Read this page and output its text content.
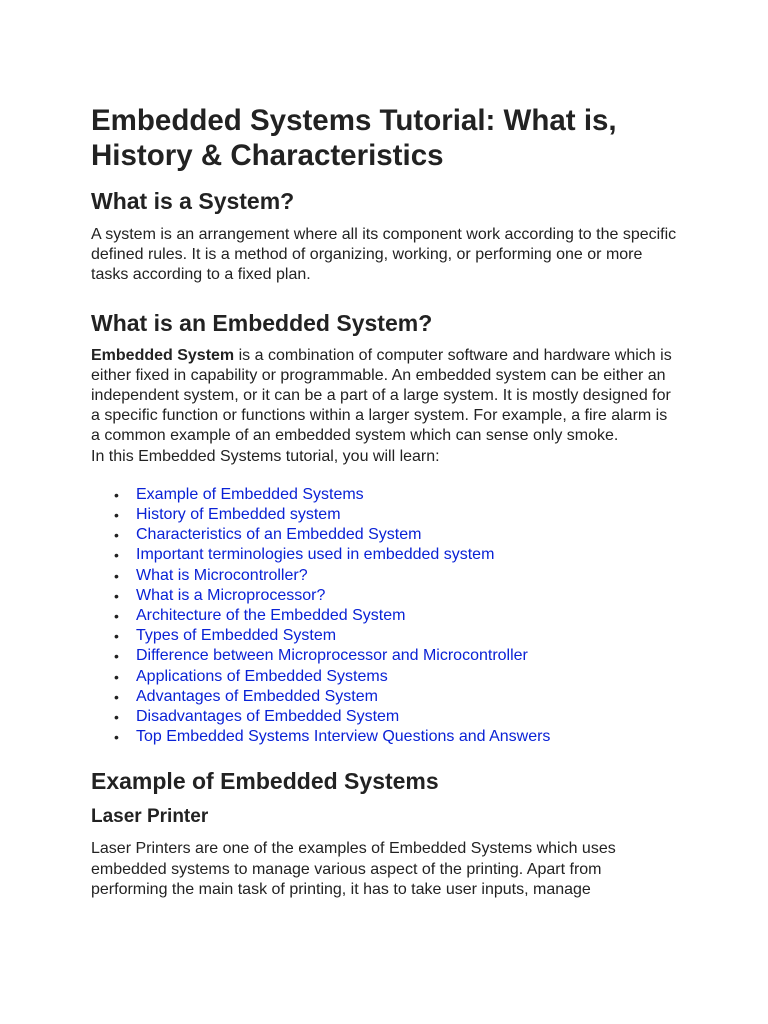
Embedded Systems Tutorial: What is, History & Characteristics
What is a System?

A system is an arrangement where all its component work according to the specific defined rules. It is a method of organizing, working, or performing one or more tasks according to a fixed plan.

What is an Embedded System?

Embedded System is a combination of computer software and hardware which is either fixed in capability or programmable. An embedded system can be either an independent system, or it can be a part of a large system. It is mostly designed for a specific function or functions within a larger system. For example, a fire alarm is a common example of an embedded system which can sense only smoke.

In this Embedded Systems tutorial, you will learn:

• Example of Embedded Systems
• History of Embedded system
• Characteristics of an Embedded System
• Important terminologies used in embedded system
• What is Microcontroller?
• What is a Microprocessor?
• Architecture of the Embedded System
• Types of Embedded System
• Difference between Microprocessor and Microcontroller
• Applications of Embedded Systems
• Advantages of Embedded System
• Disadvantages of Embedded System
• Top Embedded Systems Interview Questions and Answers
Example of Embedded Systems
Laser Printer

Laser Printers are one of the examples of Embedded Systems which uses embedded systems to manage various aspect of the printing. Apart from performing the main task of printing, it has to take user inputs, manage
